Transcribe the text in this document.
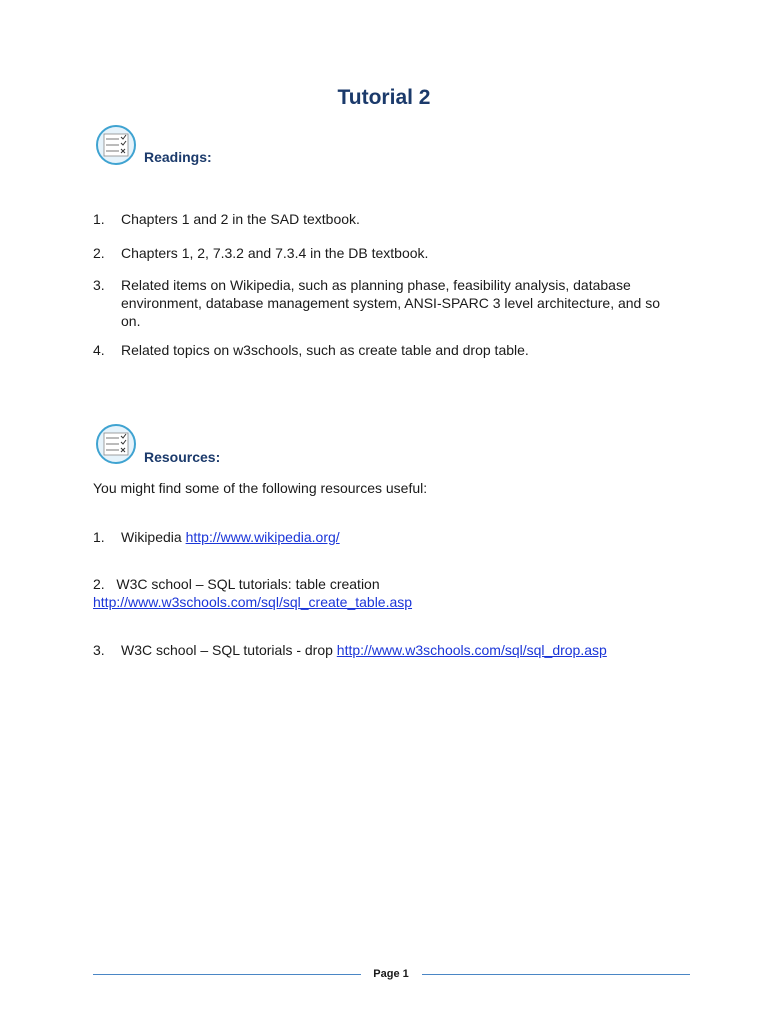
Tutorial 2
Readings:
1.	Chapters 1 and 2 in the SAD textbook.
2.	Chapters 1, 2, 7.3.2 and 7.3.4 in the DB textbook.
3.	Related items on Wikipedia, such as planning phase, feasibility analysis, database environment, database management system, ANSI-SPARC 3 level architecture, and so on.
4.	Related topics on w3schools, such as create table and drop table.
Resources:
You might find some of the following resources useful:
1.	Wikipedia http://www.wikipedia.org/
2. W3C school – SQL tutorials: table creation
http://www.w3schools.com/sql/sql_create_table.asp
3.	W3C school – SQL tutorials - drop http://www.w3schools.com/sql/sql_drop.asp
Page 1
